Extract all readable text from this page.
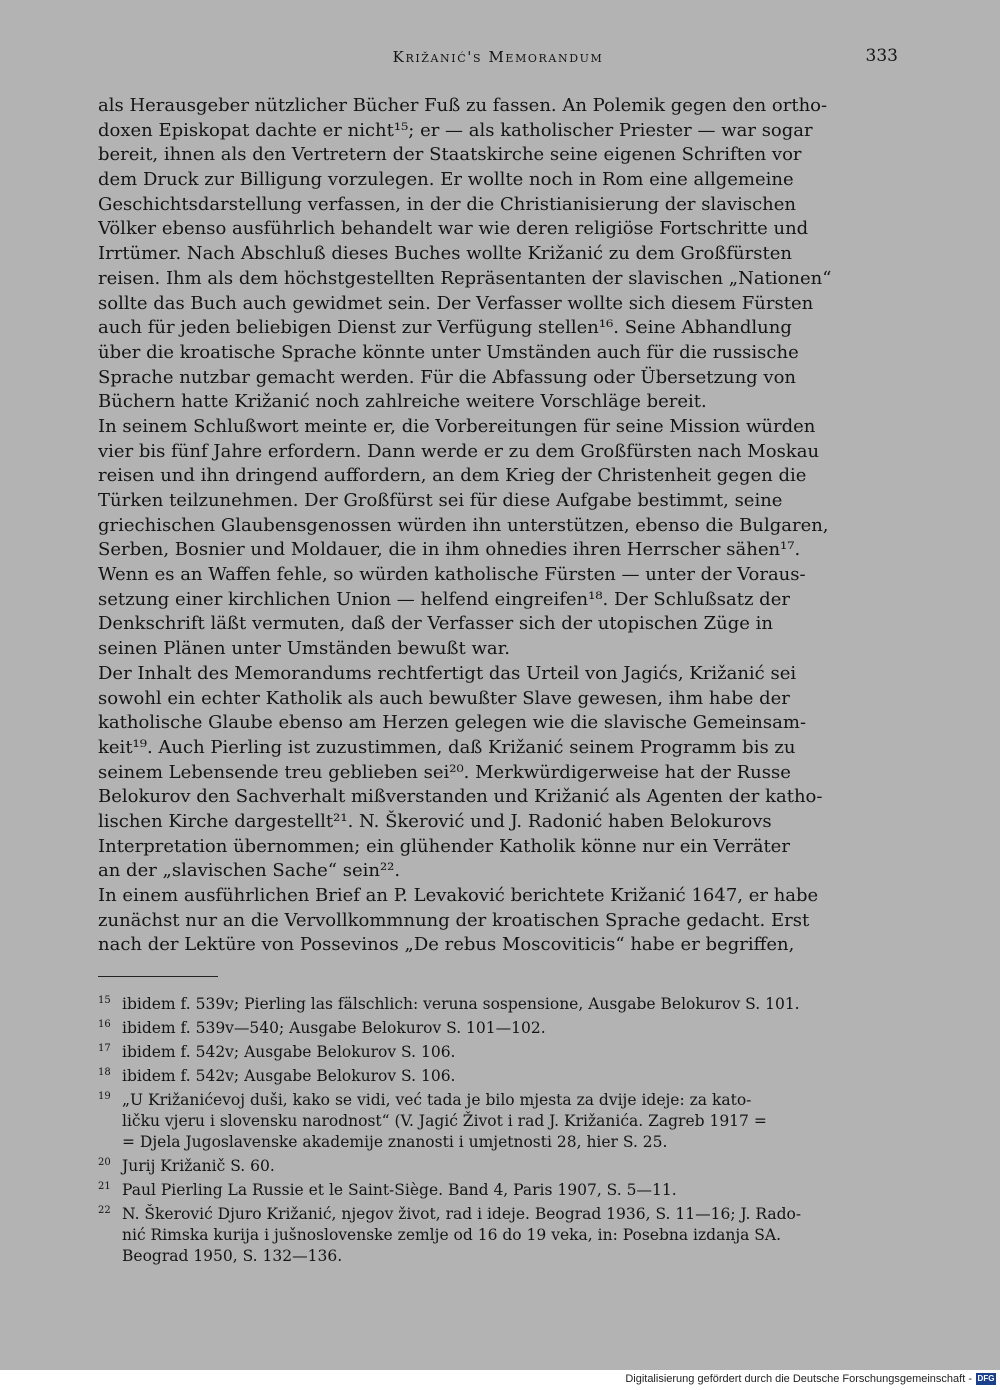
Križanić's Memorandum	333
als Herausgeber nützlicher Bücher Fuß zu fassen. An Polemik gegen den ortho-
doxen Episkopat dachte er nicht¹⁵; er — als katholischer Priester — war sogar
bereit, ihnen als den Vertretern der Staatskirche seine eigenen Schriften vor
dem Druck zur Billigung vorzulegen. Er wollte noch in Rom eine allgemeine
Geschichtsdarstellung verfassen, in der die Christianisierung der slavischen
Völker ebenso ausführlich behandelt war wie deren religiöse Fortschritte und
Irrtümer. Nach Abschluß dieses Buches wollte Križanić zu dem Großfürsten
reisen. Ihm als dem höchstgestellten Repräsentanten der slavischen „Nationen“
sollte das Buch auch gewidmet sein. Der Verfasser wollte sich diesem Fürsten
auch für jeden beliebigen Dienst zur Verfügung stellen¹⁶. Seine Abhandlung
über die kroatische Sprache könnte unter Umständen auch für die russische
Sprache nutzbar gemacht werden. Für die Abfassung oder Übersetzung von
Büchern hatte Križanić noch zahlreiche weitere Vorschläge bereit.
In seinem Schlußwort meinte er, die Vorbereitungen für seine Mission würden
vier bis fünf Jahre erfordern. Dann werde er zu dem Großfürsten nach Moskau
reisen und ihn dringend auffordern, an dem Krieg der Christenheit gegen die
Türken teilzunehmen. Der Großfürst sei für diese Aufgabe bestimmt, seine
griechischen Glaubensgenossen würden ihn unterstützen, ebenso die Bulgaren,
Serben, Bosnier und Moldauer, die in ihm ohnedies ihren Herrscher sähen¹⁷.
Wenn es an Waffen fehle, so würden katholische Fürsten — unter der Voraus-
setzung einer kirchlichen Union — helfend eingreifen¹⁸. Der Schlußsatz der
Denkschrift läßt vermuten, daß der Verfasser sich der utopischen Züge in
seinen Plänen unter Umständen bewußt war.
Der Inhalt des Memorandums rechtfertigt das Urteil von Jagićs, Križanić sei
sowohl ein echter Katholik als auch bewußter Slave gewesen, ihm habe der
katholische Glaube ebenso am Herzen gelegen wie die slavische Gemeinsam-
keit¹⁹. Auch Pierling ist zuzustimmen, daß Križanić seinem Programm bis zu
seinem Lebensende treu geblieben sei²⁰. Merkwürdigerweise hat der Russe
Belokurov den Sachverhalt mißverstanden und Križanić als Agenten der katho-
lischen Kirche dargestellt²¹. N. Škerović und J. Radonić haben Belokurovs
Interpretation übernommen; ein glühender Katholik könne nur ein Verräter
an der „slavischen Sache“ sein²².
In einem ausführlichen Brief an P. Levaković berichtete Križanić 1647, er habe
zunächst nur an die Vervollkommnung der kroatischen Sprache gedacht. Erst
nach der Lektüre von Possevinos „De rebus Moscoviticis“ habe er begriffen,
15 ibidem f. 539v; Pierling las fälschlich: veruna sospensione, Ausgabe Belokurov S. 101.
16 ibidem f. 539v—540; Ausgabe Belokurov S. 101—102.
17 ibidem f. 542v; Ausgabe Belokurov S. 106.
18 ibidem f. 542v; Ausgabe Belokurov S. 106.
19 „U Križanićevoj duši, kako se vidi, već tada je bilo mjesta za dvije ideje: za kato-
ličku vjeru i slovensku narodnost“ (V. Jagić Život i rad J. Križanića. Zagreb 1917 =
= Djela Jugoslavenske akademije znanosti i umjetnosti 28, hier S. 25.
20 Jurij Križanič S. 60.
21 Paul Pierling La Russie et le Saint-Siège. Band 4, Paris 1907, S. 5—11.
22 N. Škerović Djuro Križanić, njegov život, rad i ideje. Beograd 1936, S. 11—16; J. Rado-
nić Rimska kurija i jušnoslovenske zemlje od 16 do 19 veka, in: Posebna izdanja SA.
Beograd 1950, S. 132—136.
Digitalisierung gefördert durch die Deutsche Forschungsgemeinschaft - DFG
